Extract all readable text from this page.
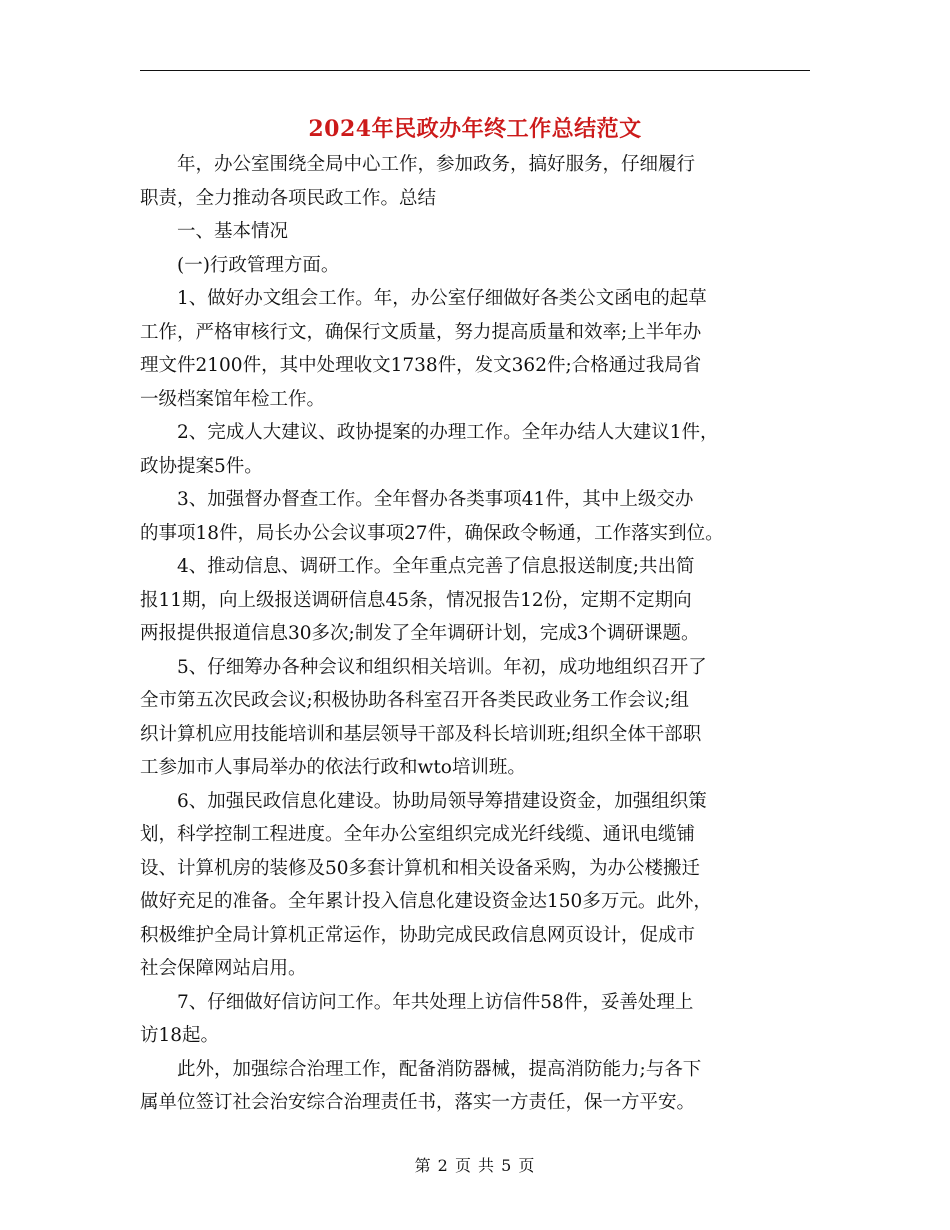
2024年民政办年终工作总结范文

　　年，办公室围绕全局中心工作，参加政务，搞好服务，仔细履行
职责，全力推动各项民政工作。总结

　　一、基本情况

　　(一)行政管理方面。

　　1、做好办文组会工作。年，办公室仔细做好各类公文函电的起草
工作，严格审核行文，确保行文质量，努力提高质量和效率;上半年办
理文件2100件，其中处理收文1738件，发文362件;合格通过我局省
一级档案馆年检工作。

　　2、完成人大建议、政协提案的办理工作。全年办结人大建议1件，
政协提案5件。

　　3、加强督办督查工作。全年督办各类事项41件，其中上级交办
的事项18件，局长办公会议事项27件，确保政令畅通，工作落实到位。

　　4、推动信息、调研工作。全年重点完善了信息报送制度;共出简
报11期，向上级报送调研信息45条，情况报告12份，定期不定期向
两报提供报道信息30多次;制发了全年调研计划，完成3个调研课题。

　　5、仔细筹办各种会议和组织相关培训。年初，成功地组织召开了
全市第五次民政会议;积极协助各科室召开各类民政业务工作会议;组
织计算机应用技能培训和基层领导干部及科长培训班;组织全体干部职
工参加市人事局举办的依法行政和wto培训班。

　　6、加强民政信息化建设。协助局领导筹措建设资金，加强组织策
划，科学控制工程进度。全年办公室组织完成光纤线缆、通讯电缆铺
设、计算机房的装修及50多套计算机和相关设备采购，为办公楼搬迁
做好充足的准备。全年累计投入信息化建设资金达150多万元。此外，
积极维护全局计算机正常运作，协助完成民政信息网页设计，促成市
社会保障网站启用。

　　7、仔细做好信访问工作。年共处理上访信件58件，妥善处理上
访18起。

　　此外，加强综合治理工作，配备消防器械，提高消防能力;与各下
属单位签订社会治安综合治理责任书，落实一方责任，保一方平安。

第 2 页 共 5 页
